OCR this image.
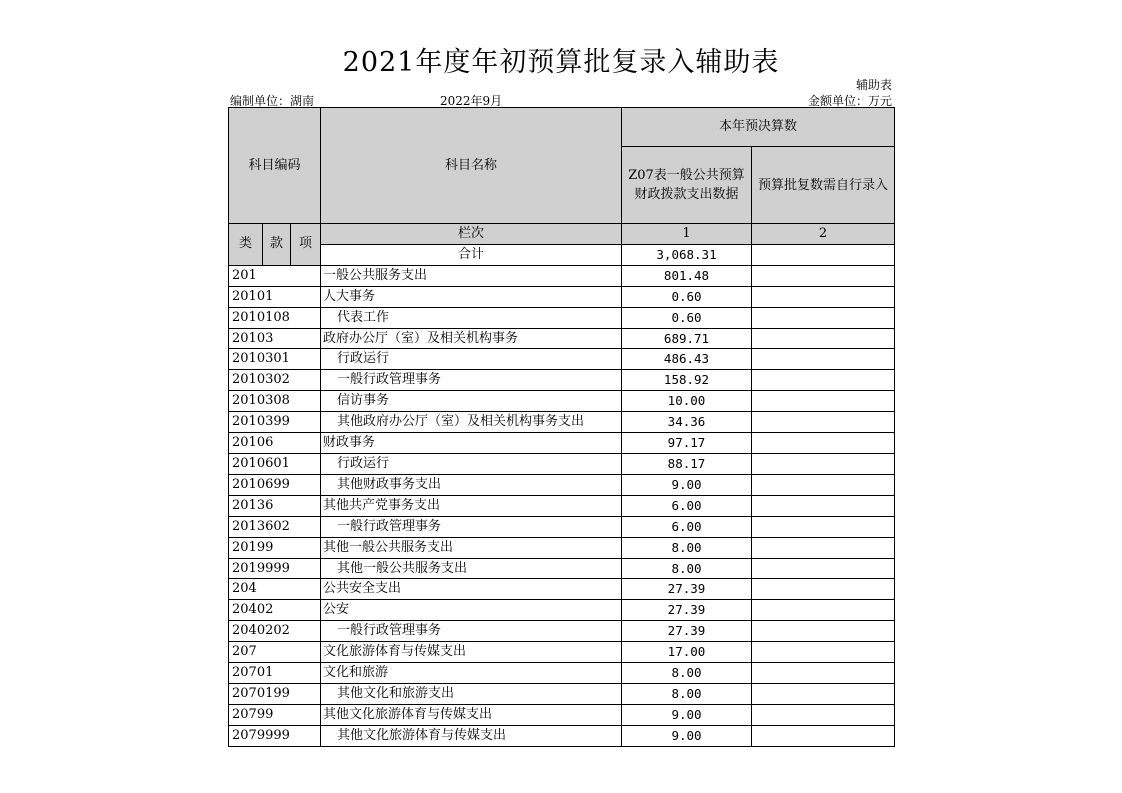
2021年度年初预算批复录入辅助表
辅助表
编制单位：湖南	2022年9月	金额单位：万元
科目编码			科目名称	本年预决算数	
				Z07表一般公共预算财政拨款支出数据	预算批复数需自行录入
类	款	项	栏次	1	2
			合计	3,068.31	
201			一般公共服务支出	801.48	
20101			人大事务	0.60	
2010108			代表工作	0.60	
20103			政府办公厅（室）及相关机构事务	689.71	
2010301			行政运行	486.43	
2010302			一般行政管理事务	158.92	
2010308			信访事务	10.00	
2010399			其他政府办公厅（室）及相关机构事务支出	34.36	
20106			财政事务	97.17	
2010601			行政运行	88.17	
2010699			其他财政事务支出	9.00	
20136			其他共产党事务支出	6.00	
2013602			一般行政管理事务	6.00	
20199			其他一般公共服务支出	8.00	
2019999			其他一般公共服务支出	8.00	
204			公共安全支出	27.39	
20402			公安	27.39	
2040202			一般行政管理事务	27.39	
207			文化旅游体育与传媒支出	17.00	
20701			文化和旅游	8.00	
2070199			其他文化和旅游支出	8.00	
20799			其他文化旅游体育与传媒支出	9.00	
2079999			其他文化旅游体育与传媒支出	9.00	
